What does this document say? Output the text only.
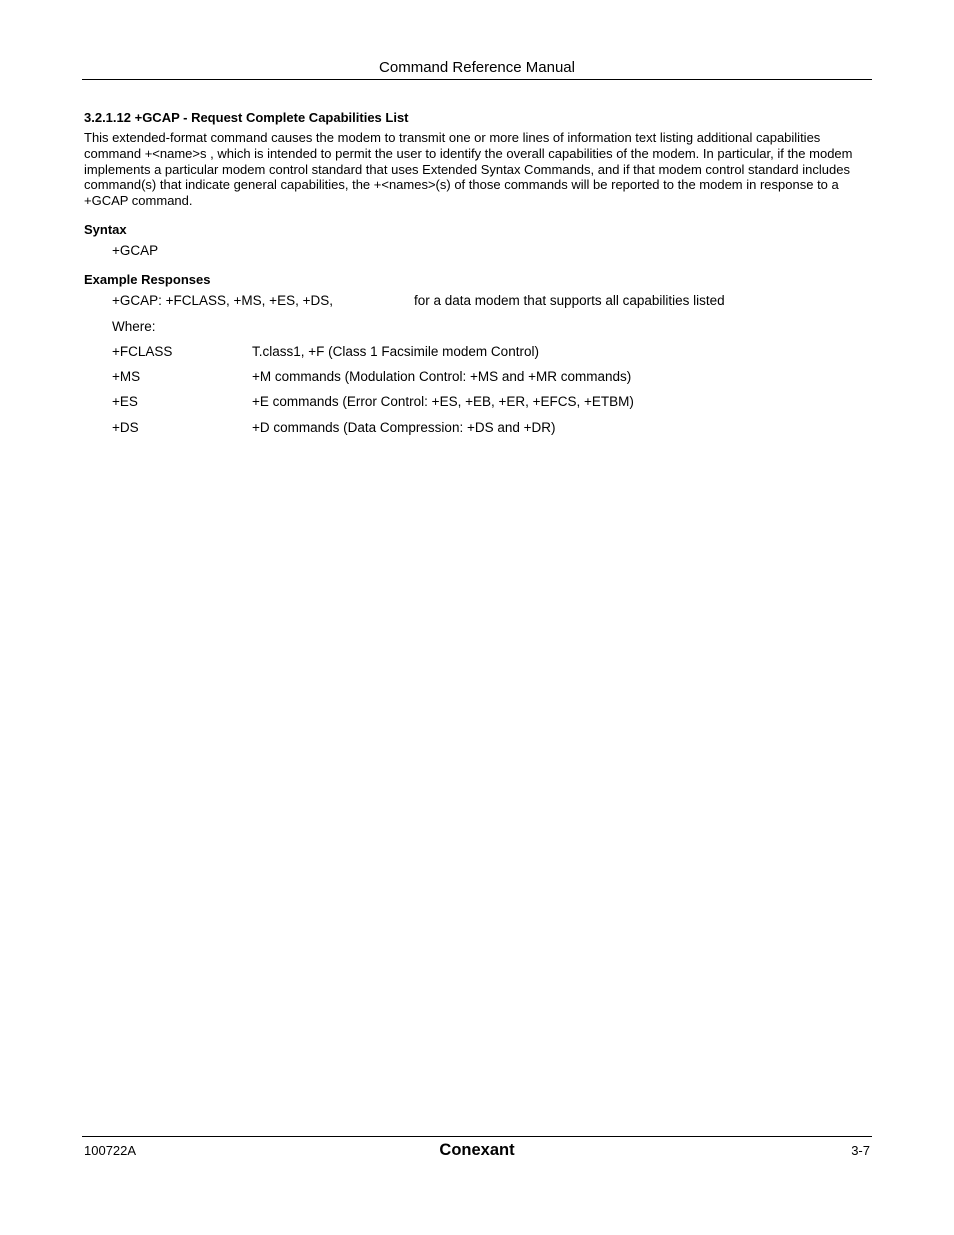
Command Reference Manual
3.2.1.12 +GCAP - Request Complete Capabilities List

This extended-format command causes the modem to transmit one or more lines of information text listing additional capabilities command +<name>s , which is intended to permit the user to identify the overall capabilities of the modem. In particular, if the modem implements a particular modem control standard that uses Extended Syntax Commands, and if that modem control standard includes command(s) that indicate general capabilities, the +<names>(s) of those commands will be reported to the modem in response to a +GCAP command.

Syntax

+GCAP

Example Responses

+GCAP: +FCLASS, +MS, +ES, +DS,	for a data modem that supports all capabilities listed

Where:

+FCLASS	T.class1, +F (Class 1 Facsimile modem Control)

+MS	+M commands (Modulation Control: +MS and +MR commands)

+ES	+E commands (Error Control: +ES, +EB, +ER, +EFCS, +ETBM)

+DS	+D commands (Data Compression: +DS and +DR)

100722A	Conexant	3-7
